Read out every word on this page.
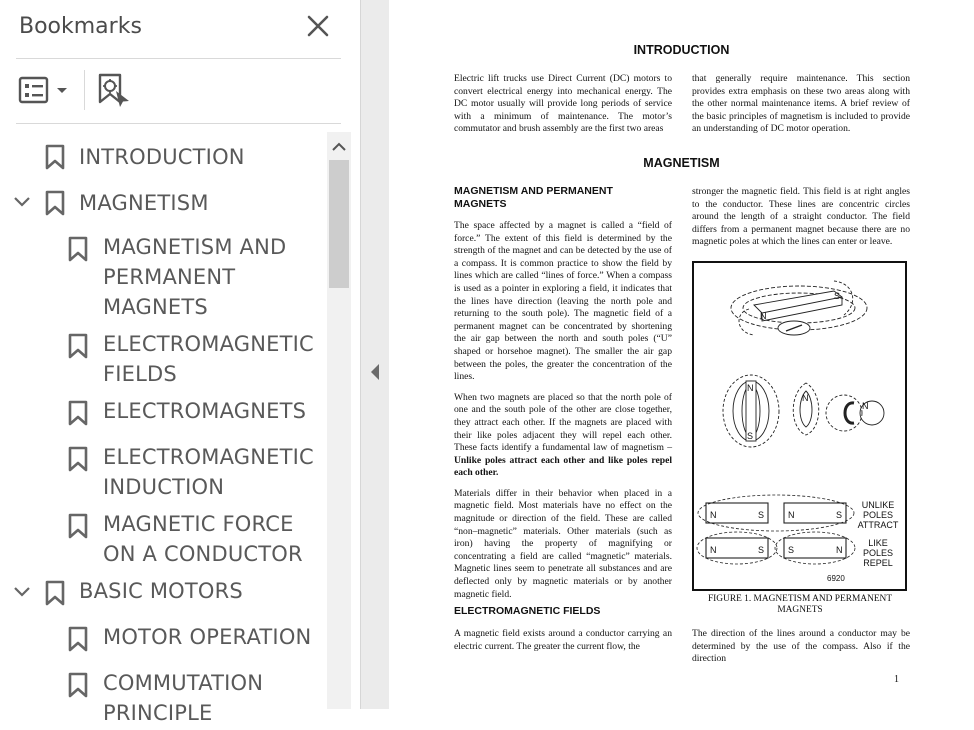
Bookmarks
INTRODUCTION
MAGNETISM
MAGNETISM AND PERMANENT MAGNETS
ELECTROMAGNETIC FIELDS
ELECTROMAGNETS
ELECTROMAGNETIC INDUCTION
MAGNETIC FORCE ON A CONDUCTOR
BASIC MOTORS
MOTOR OPERATION
COMMUTATION PRINCIPLE
INTRODUCTION
Electric lift trucks use Direct Current (DC) motors to convert electrical energy into mechanical energy. The DC motor usually will provide long periods of service with a minimum of maintenance. The motor’s commutator and brush assembly are the first two areas
that generally require maintenance. This section provides extra emphasis on these two areas along with the other normal maintenance items. A brief review of the basic principles of magnetism is included to provide an understanding of DC motor operation.
MAGNETISM
MAGNETISM AND PERMANENT MAGNETS

The space affected by a magnet is called a “field of force.” The extent of this field is determined by the strength of the magnet and can be detected by the use of a compass. It is common practice to show the field by lines which are called “lines of force.” When a compass is used as a pointer in exploring a field, it indicates that the lines have direction (leaving the north pole and returning to the south pole). The magnetic field of a permanent magnet can be concentrated by shortening the air gap between the north and south poles (“U” shaped or horsehoe magnet). The smaller the air gap between the poles, the greater the concentration of the lines.

When two magnets are placed so that the north pole of one and the south pole of the other are close together, they attract each other. If the magnets are placed with their like poles adjacent they will repel each other. These facts identify a fundamental law of magnetism – Unlike poles attract each other and like poles repel each other.

Materials differ in their behavior when placed in a magnetic field. Most materials have no effect on the magnitude or direction of the field. These are called “non–magnetic” materials. Other materials (such as iron) having the property of magnifying or concentrating a field are called “magnetic” materials. Magnetic lines seem to penetrate all substances and are deflected only by magnetic materials or by another magnetic field.

ELECTROMAGNETIC FIELDS
A magnetic field exists around a conductor carrying an electric current. The greater the current flow, the
stronger the magnetic field. This field is at right angles to the conductor. These lines are concentric circles around the length of a straight conductor. The field differs from a permanent magnet because there are no magnetic poles at which the lines can enter or leave.
N
S
N
S
N
N
N	S	N	S
N	S	S	N
UNLIKE POLES ATTRACT
LIKE POLES REPEL
6920
FIGURE 1. MAGNETISM AND PERMANENT MAGNETS
The direction of the lines around a conductor may be determined by the use of the compass. Also if the direction
1
